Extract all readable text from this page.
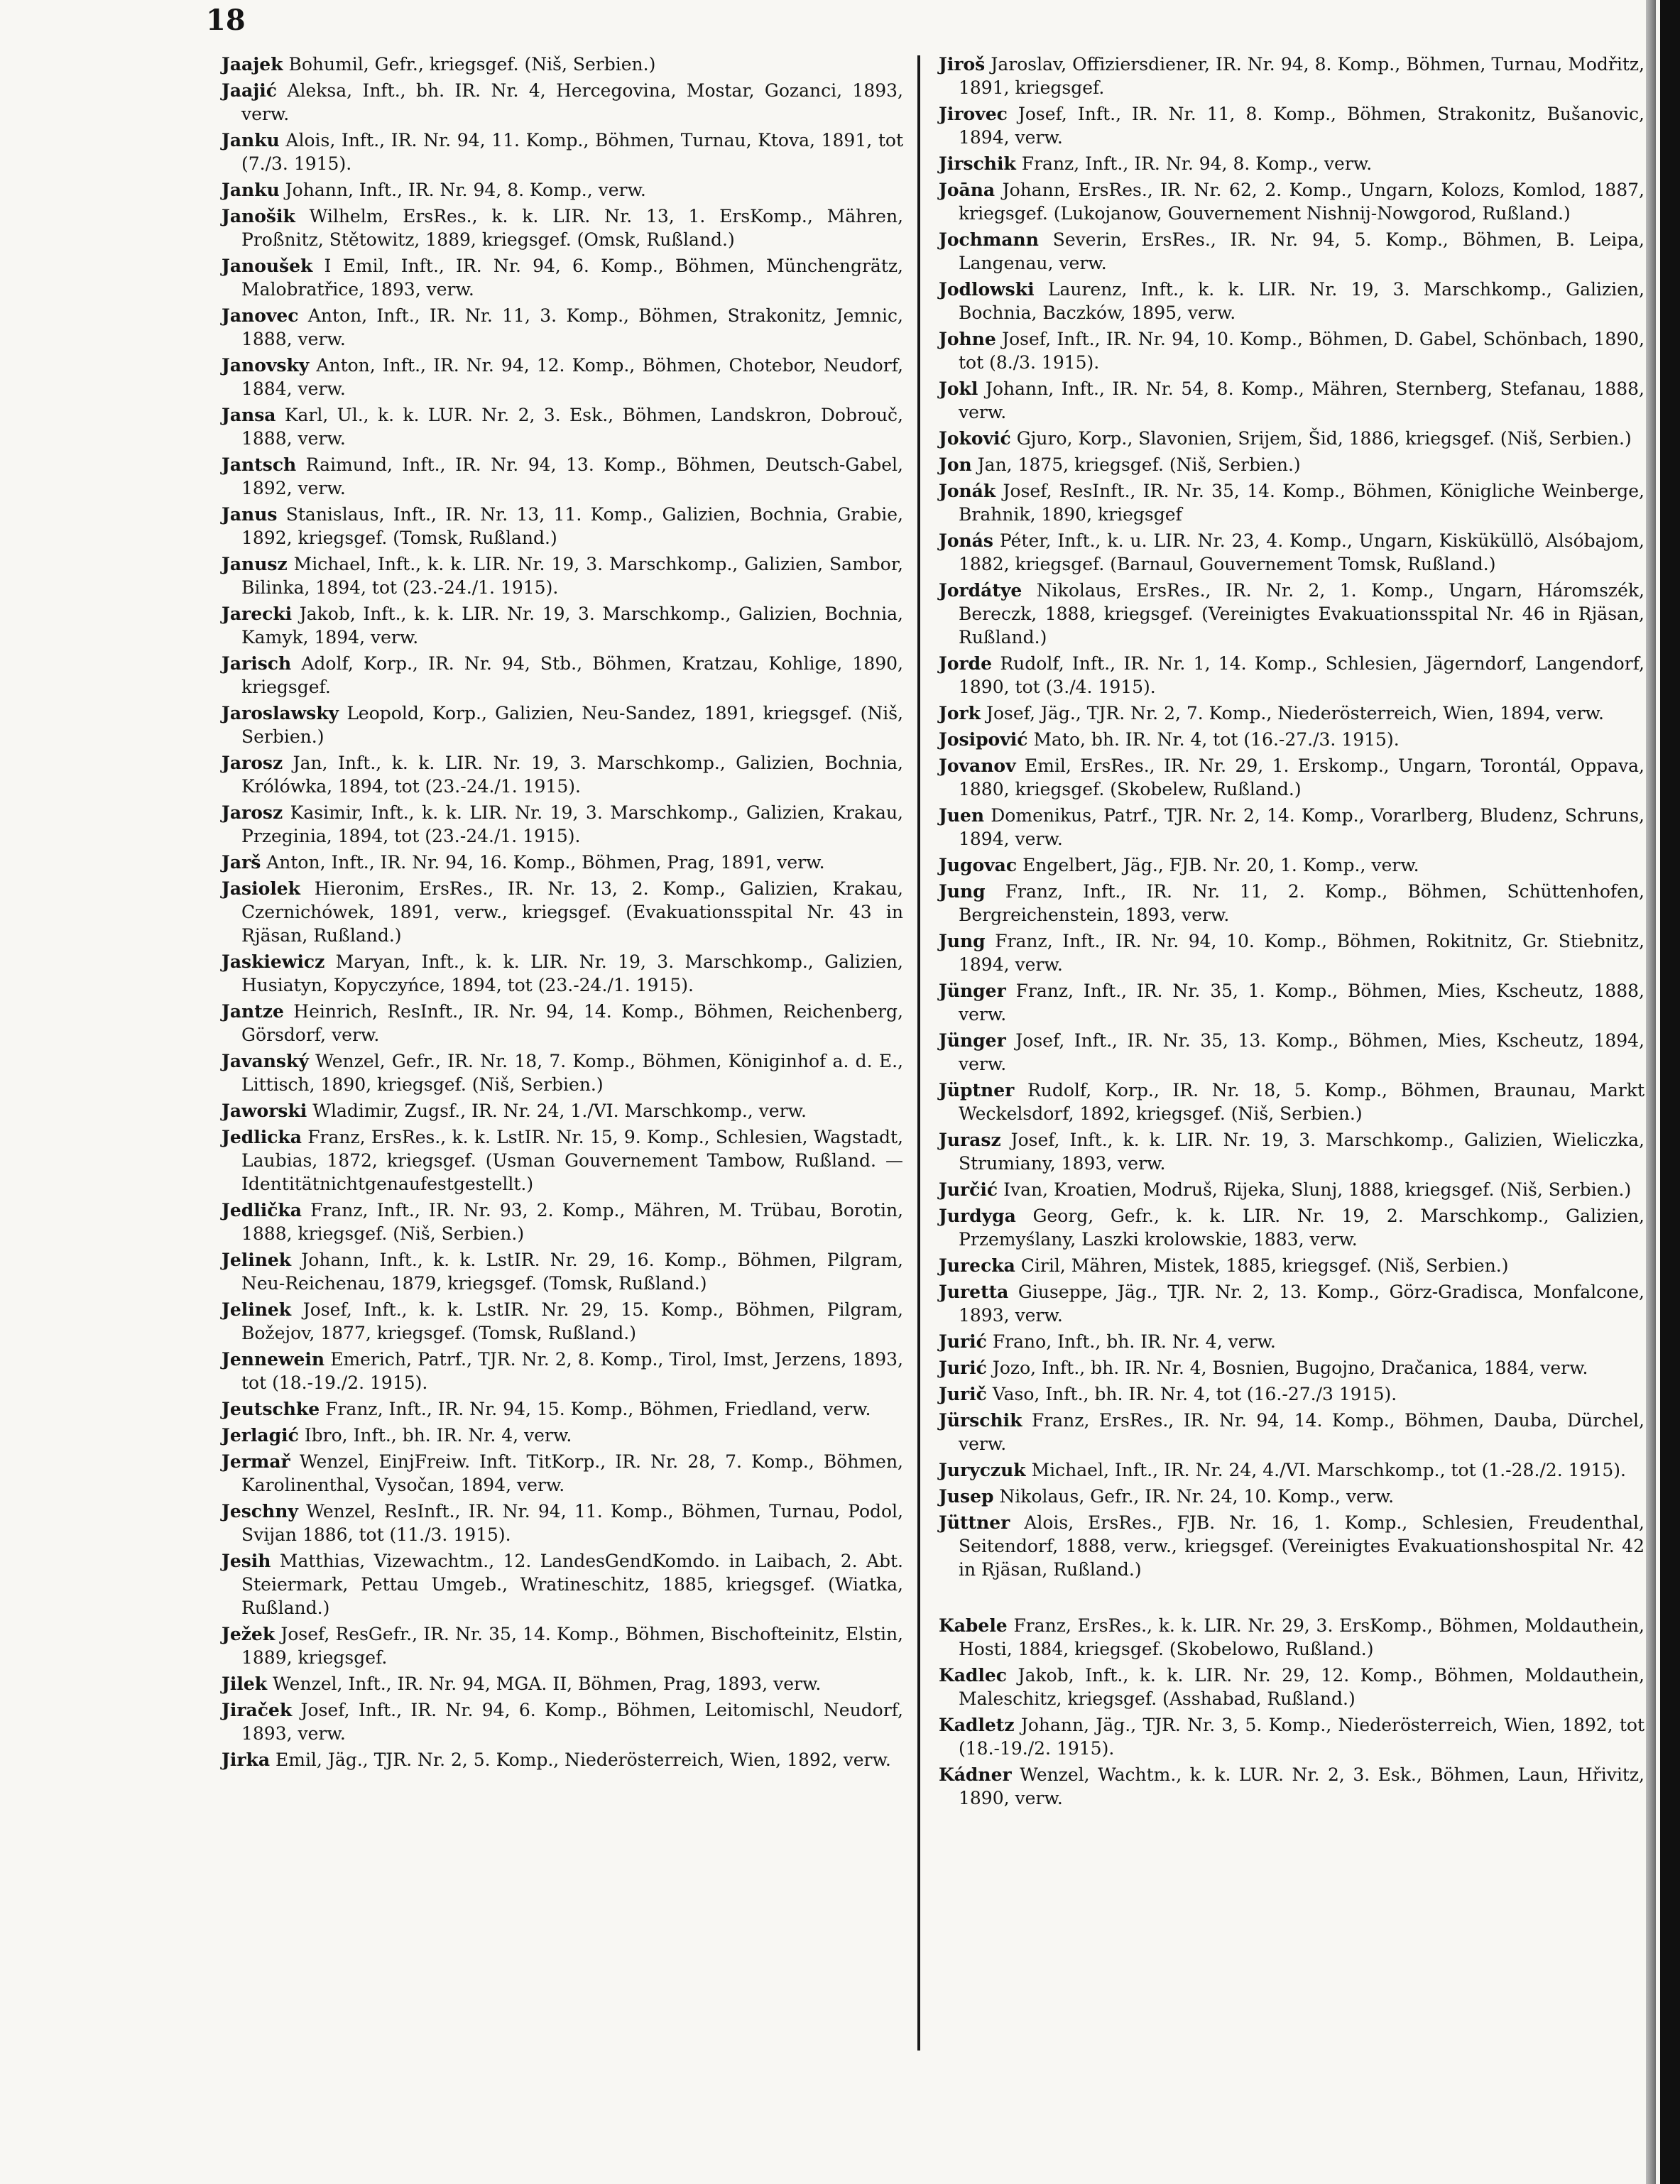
18

Jaajek Bohumil, Gefr., kriegsgef. (Niš, Serbien.)

Jaajić Aleksa, Inft., bh. IR. Nr. 4, Hercegovina, Mostar, Gozanci, 1893, verw.

Janku Alois, Inft., IR. Nr. 94, 11. Komp., Böhmen, Turnau, Ktova, 1891, tot (7./3. 1915).

Janku Johann, Inft., IR. Nr. 94, 8. Komp., verw.

Janošik Wilhelm, ErsRes., k. k. LIR. Nr. 13, 1. ErsKomp., Mähren, Proßnitz, Stětowitz, 1889, kriegsgef. (Omsk, Rußland.)

Janoušek I Emil, Inft., IR. Nr. 94, 6. Komp., Böhmen, Münchengrätz, Malobratřice, 1893, verw.

Janovec Anton, Inft., IR. Nr. 11, 3. Komp., Böhmen, Strakonitz, Jemnic, 1888, verw.

Janovsky Anton, Inft., IR. Nr. 94, 12. Komp., Böhmen, Chotebor, Neudorf, 1884, verw.

Jansa Karl, Ul., k. k. LUR. Nr. 2, 3. Esk., Böhmen, Landskron, Dobrouč, 1888, verw.

Jantsch Raimund, Inft., IR. Nr. 94, 13. Komp., Böhmen, Deutsch-Gabel, 1892, verw.

Janus Stanislaus, Inft., IR. Nr. 13, 11. Komp., Galizien, Bochnia, Grabie, 1892, kriegsgef. (Tomsk, Rußland.)

Janusz Michael, Inft., k. k. LIR. Nr. 19, 3. Marschkomp., Galizien, Sambor, Bilinka, 1894, tot (23.-24./1. 1915).

Jarecki Jakob, Inft., k. k. LIR. Nr. 19, 3. Marschkomp., Galizien, Bochnia, Kamyk, 1894, verw.

Jarisch Adolf, Korp., IR. Nr. 94, Stb., Böhmen, Kratzau, Kohlige, 1890, kriegsgef.

Jaroslawsky Leopold, Korp., Galizien, Neu-Sandez, 1891, kriegsgef. (Niš, Serbien.)

Jarosz Jan, Inft., k. k. LIR. Nr. 19, 3. Marschkomp., Galizien, Bochnia, Królówka, 1894, tot (23.-24./1. 1915).

Jarosz Kasimir, Inft., k. k. LIR. Nr. 19, 3. Marschkomp., Galizien, Krakau, Przeginia, 1894, tot (23.-24./1. 1915).

Jarš Anton, Inft., IR. Nr. 94, 16. Komp., Böhmen, Prag, 1891, verw.

Jasiolek Hieronim, ErsRes., IR. Nr. 13, 2. Komp., Galizien, Krakau, Czernichówek, 1891, verw., kriegsgef. (Evakuationsspital Nr. 43 in Rjäsan, Rußland.)

Jaskiewicz Maryan, Inft., k. k. LIR. Nr. 19, 3. Marschkomp., Galizien, Husiatyn, Kopyczyńce, 1894, tot (23.-24./1. 1915).

Jantze Heinrich, ResInft., IR. Nr. 94, 14. Komp., Böhmen, Reichenberg, Görsdorf, verw.

Javanský Wenzel, Gefr., IR. Nr. 18, 7. Komp., Böhmen, Königinhof a. d. E., Littisch, 1890, kriegsgef. (Niš, Serbien.)

Jaworski Wladimir, Zugsf., IR. Nr. 24, 1./VI. Marschkomp., verw.

Jedlicka Franz, ErsRes., k. k. LstIR. Nr. 15, 9. Komp., Schlesien, Wagstadt, Laubias, 1872, kriegsgef. (Usman Gouvernement Tambow, Rußland. — Identitätnichtgenaufestgestellt.)

Jedlička Franz, Inft., IR. Nr. 93, 2. Komp., Mähren, M. Trübau, Borotin, 1888, kriegsgef. (Niš, Serbien.)

Jelinek Johann, Inft., k. k. LstIR. Nr. 29, 16. Komp., Böhmen, Pilgram, Neu-Reichenau, 1879, kriegsgef. (Tomsk, Rußland.)

Jelinek Josef, Inft., k. k. LstIR. Nr. 29, 15. Komp., Böhmen, Pilgram, Božejov, 1877, kriegsgef. (Tomsk, Rußland.)

Jennewein Emerich, Patrf., TJR. Nr. 2, 8. Komp., Tirol, Imst, Jerzens, 1893, tot (18.-19./2. 1915).

Jeutschke Franz, Inft., IR. Nr. 94, 15. Komp., Böhmen, Friedland, verw.

Jerlagić Ibro, Inft., bh. IR. Nr. 4, verw.

Jermař Wenzel, EinjFreiw. Inft. TitKorp., IR. Nr. 28, 7. Komp., Böhmen, Karolinenthal, Vysočan, 1894, verw.

Jeschny Wenzel, ResInft., IR. Nr. 94, 11. Komp., Böhmen, Turnau, Podol, Svijan 1886, tot (11./3. 1915).

Jesih Matthias, Vizewachtm., 12. LandesGendKomdo. in Laibach, 2. Abt. Steiermark, Pettau Umgeb., Wratineschitz, 1885, kriegsgef. (Wiatka, Rußland.)

Ježek Josef, ResGefr., IR. Nr. 35, 14. Komp., Böhmen, Bischofteinitz, Elstin, 1889, kriegsgef.

Jilek Wenzel, Inft., IR. Nr. 94, MGA. II, Böhmen, Prag, 1893, verw.

Jiraček Josef, Inft., IR. Nr. 94, 6. Komp., Böhmen, Leitomischl, Neudorf, 1893, verw.

Jirka Emil, Jäg., TJR. Nr. 2, 5. Komp., Niederösterreich, Wien, 1892, verw.

Jiroš Jaroslav, Offiziersdiener, IR. Nr. 94, 8. Komp., Böhmen, Turnau, Modřitz, 1891, kriegsgef.

Jirovec Josef, Inft., IR. Nr. 11, 8. Komp., Böhmen, Strakonitz, Bušanovic, 1894, verw.

Jirschik Franz, Inft., IR. Nr. 94, 8. Komp., verw.

Joāna Johann, ErsRes., IR. Nr. 62, 2. Komp., Ungarn, Kolozs, Komlod, 1887, kriegsgef. (Lukojanow, Gouvernement Nishnij-Nowgorod, Rußland.)

Jochmann Severin, ErsRes., IR. Nr. 94, 5. Komp., Böhmen, B. Leipa, Langenau, verw.

Jodlowski Laurenz, Inft., k. k. LIR. Nr. 19, 3. Marschkomp., Galizien, Bochnia, Baczków, 1895, verw.

Johne Josef, Inft., IR. Nr. 94, 10. Komp., Böhmen, D. Gabel, Schönbach, 1890, tot (8./3. 1915).

Jokl Johann, Inft., IR. Nr. 54, 8. Komp., Mähren, Sternberg, Stefanau, 1888, verw.

Joković Gjuro, Korp., Slavonien, Srijem, Šid, 1886, kriegsgef. (Niš, Serbien.)

Jon Jan, 1875, kriegsgef. (Niš, Serbien.)

Jonák Josef, ResInft., IR. Nr. 35, 14. Komp., Böhmen, Königliche Weinberge, Brahnik, 1890, kriegsgef

Jonás Péter, Inft., k. u. LIR. Nr. 23, 4. Komp., Ungarn, Kisküküllö, Alsóbajom, 1882, kriegsgef. (Barnaul, Gouvernement Tomsk, Rußland.)

Jordátye Nikolaus, ErsRes., IR. Nr. 2, 1. Komp., Ungarn, Háromszék, Bereczk, 1888, kriegsgef. (Vereinigtes Evakuationsspital Nr. 46 in Rjäsan, Rußland.)

Jorde Rudolf, Inft., IR. Nr. 1, 14. Komp., Schlesien, Jägerndorf, Langendorf, 1890, tot (3./4. 1915).

Jork Josef, Jäg., TJR. Nr. 2, 7. Komp., Niederösterreich, Wien, 1894, verw.

Josipović Mato, bh. IR. Nr. 4, tot (16.-27./3. 1915).

Jovanov Emil, ErsRes., IR. Nr. 29, 1. Erskomp., Ungarn, Torontál, Oppava, 1880, kriegsgef. (Skobelew, Rußland.)

Juen Domenikus, Patrf., TJR. Nr. 2, 14. Komp., Vorarlberg, Bludenz, Schruns, 1894, verw.

Jugovac Engelbert, Jäg., FJB. Nr. 20, 1. Komp., verw.

Jung Franz, Inft., IR. Nr. 11, 2. Komp., Böhmen, Schüttenhofen, Bergreichenstein, 1893, verw.

Jung Franz, Inft., IR. Nr. 94, 10. Komp., Böhmen, Rokitnitz, Gr. Stiebnitz, 1894, verw.

Jünger Franz, Inft., IR. Nr. 35, 1. Komp., Böhmen, Mies, Kscheutz, 1888, verw.

Jünger Josef, Inft., IR. Nr. 35, 13. Komp., Böhmen, Mies, Kscheutz, 1894, verw.

Jüptner Rudolf, Korp., IR. Nr. 18, 5. Komp., Böhmen, Braunau, Markt Weckelsdorf, 1892, kriegsgef. (Niš, Serbien.)

Jurasz Josef, Inft., k. k. LIR. Nr. 19, 3. Marschkomp., Galizien, Wieliczka, Strumiany, 1893, verw.

Jurčić Ivan, Kroatien, Modruš, Rijeka, Slunj, 1888, kriegsgef. (Niš, Serbien.)

Jurdyga Georg, Gefr., k. k. LIR. Nr. 19, 2. Marschkomp., Galizien, Przemyślany, Laszki krolowskie, 1883, verw.

Jurecka Ciril, Mähren, Mistek, 1885, kriegsgef. (Niš, Serbien.)

Juretta Giuseppe, Jäg., TJR. Nr. 2, 13. Komp., Görz-Gradisca, Monfalcone, 1893, verw.

Jurić Frano, Inft., bh. IR. Nr. 4, verw.

Jurić Jozo, Inft., bh. IR. Nr. 4, Bosnien, Bugojno, Dračanica, 1884, verw.

Jurič Vaso, Inft., bh. IR. Nr. 4, tot (16.-27./3 1915).

Jürschik Franz, ErsRes., IR. Nr. 94, 14. Komp., Böhmen, Dauba, Dürchel, verw.

Juryczuk Michael, Inft., IR. Nr. 24, 4./VI. Marschkomp., tot (1.-28./2. 1915).

Jusep Nikolaus, Gefr., IR. Nr. 24, 10. Komp., verw.

Jüttner Alois, ErsRes., FJB. Nr. 16, 1. Komp., Schlesien, Freudenthal, Seitendorf, 1888, verw., kriegsgef. (Vereinigtes Evakuationshospital Nr. 42 in Rjäsan, Rußland.)

Kabele Franz, ErsRes., k. k. LIR. Nr. 29, 3. ErsKomp., Böhmen, Moldauthein, Hosti, 1884, kriegsgef. (Skobelowo, Rußland.)

Kadlec Jakob, Inft., k. k. LIR. Nr. 29, 12. Komp., Böhmen, Moldauthein, Maleschitz, kriegsgef. (Asshabad, Rußland.)

Kadletz Johann, Jäg., TJR. Nr. 3, 5. Komp., Niederösterreich, Wien, 1892, tot (18.-19./2. 1915).

Kádner Wenzel, Wachtm., k. k. LUR. Nr. 2, 3. Esk., Böhmen, Laun, Hřivitz, 1890, verw.
